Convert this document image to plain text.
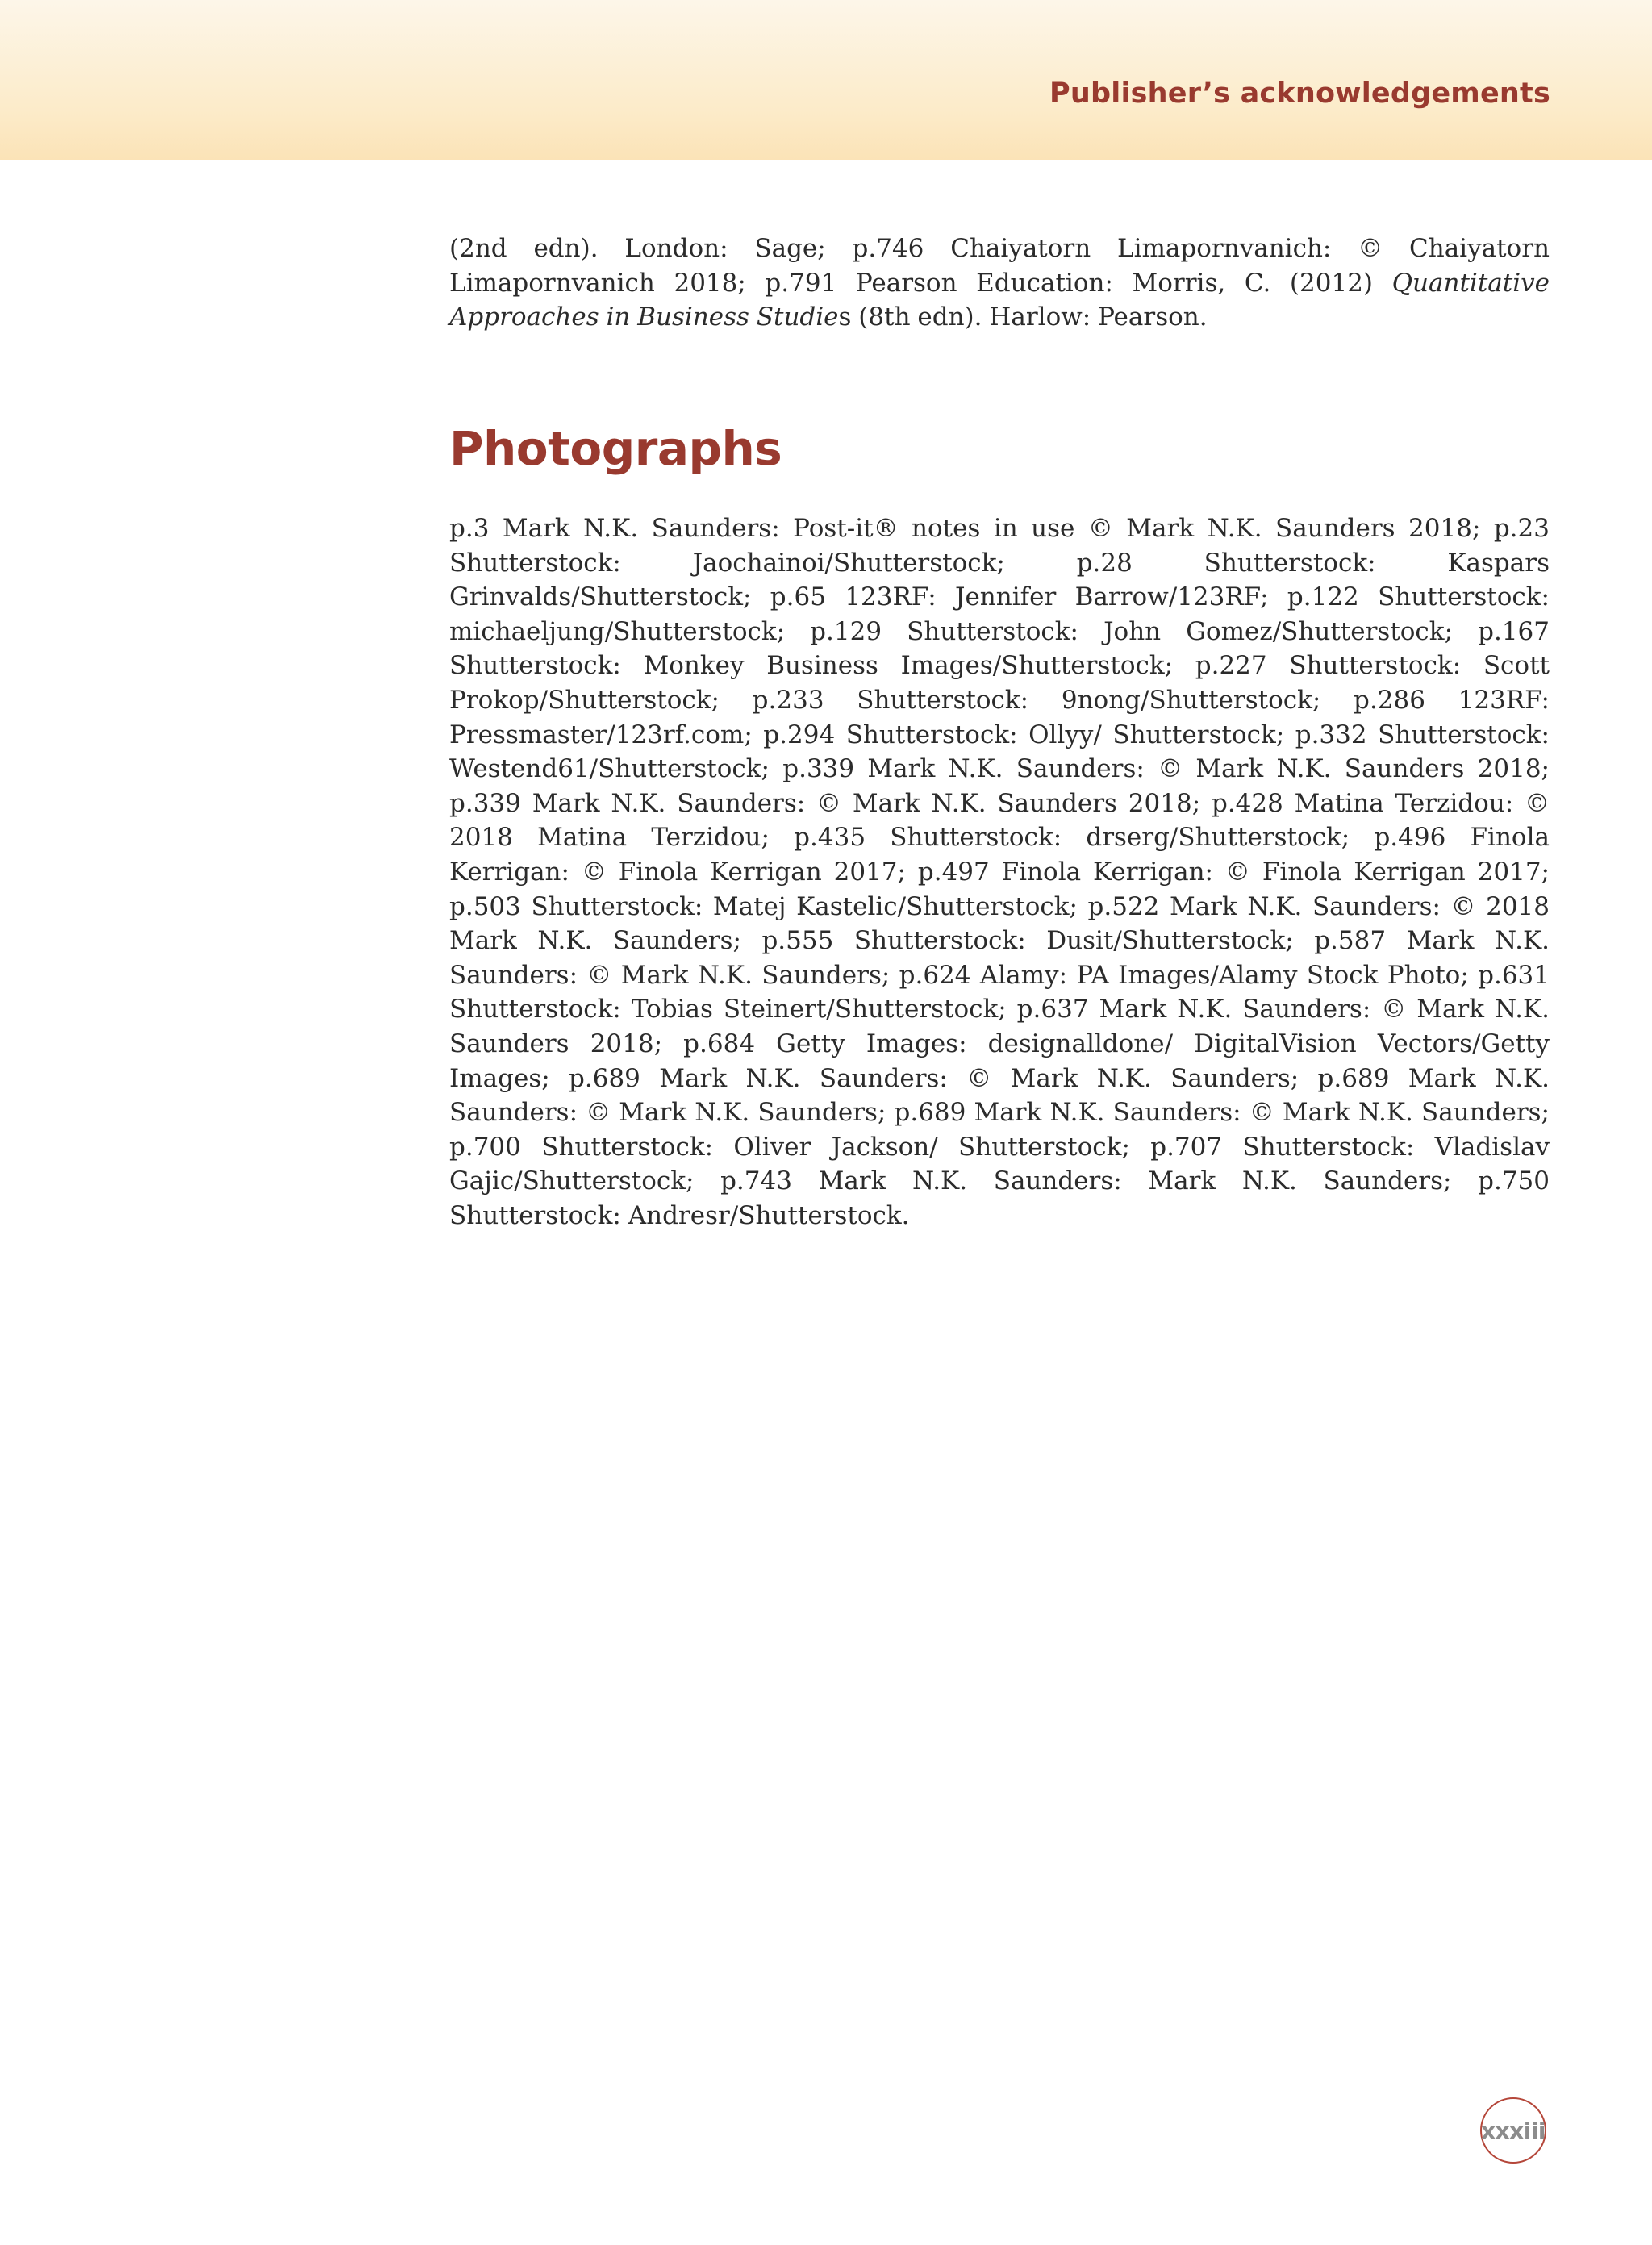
Publisher’s acknowledgements

(2nd edn). London: Sage; p.746 Chaiyatorn Limapornvanich: © Chaiyatorn Limapornvanich 2018; p.791 Pearson Education: Morris, C. (2012) Quantitative Approaches in Business Studies (8th edn). Harlow: Pearson.

Photographs

p.3 Mark N.K. Saunders: Post-it® notes in use © Mark N.K. Saunders 2018; p.23 Shutterstock: Jaochainoi/Shutterstock; p.28 Shutterstock: Kaspars Grinvalds/Shutterstock; p.65 123RF: Jennifer Barrow/123RF; p.122 Shutterstock: michaeljung/Shutterstock; p.129 Shutterstock: John Gomez/Shutterstock; p.167 Shutterstock: Monkey Business Images/Shutterstock; p.227 Shutterstock: Scott Prokop/Shutterstock; p.233 Shutterstock: 9nong/Shutterstock; p.286 123RF: Pressmaster/123rf.com; p.294 Shutterstock: Ollyy/ Shutterstock; p.332 Shutterstock: Westend61/Shutterstock; p.339 Mark N.K. Saunders: © Mark N.K. Saunders 2018; p.339 Mark N.K. Saunders: © Mark N.K. Saunders 2018; p.428 Matina Terzidou: © 2018 Matina Terzidou; p.435 Shutterstock: drserg/Shutterstock; p.496 Finola Kerrigan: © Finola Kerrigan 2017; p.497 Finola Kerrigan: © Finola Kerrigan 2017; p.503 Shutterstock: Matej Kastelic/Shutterstock; p.522 Mark N.K. Saunders: © 2018 Mark N.K. Saunders; p.555 Shutterstock: Dusit/Shutterstock; p.587 Mark N.K. Saunders: © Mark N.K. Saunders; p.624 Alamy: PA Images/Alamy Stock Photo; p.631 Shutterstock: Tobias Steinert/Shutterstock; p.637 Mark N.K. Saunders: © Mark N.K. Saunders 2018; p.684 Getty Images: designalldone/ DigitalVision Vectors/Getty Images; p.689 Mark N.K. Saunders: © Mark N.K. Saunders; p.689 Mark N.K. Saunders: © Mark N.K. Saunders; p.689 Mark N.K. Saunders: © Mark N.K. Saunders; p.700 Shutterstock: Oliver Jackson/ Shutterstock; p.707 Shutterstock: Vladislav Gajic/Shutterstock; p.743 Mark N.K. Saunders: Mark N.K. Saunders; p.750 Shutterstock: Andresr/Shutterstock.

xxxiii
